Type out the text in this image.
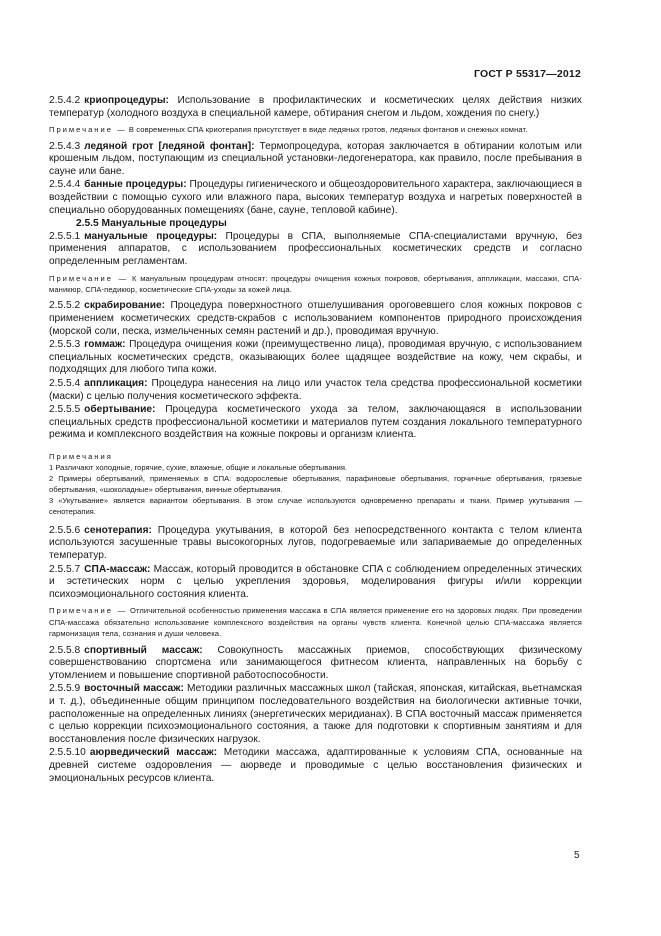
ГОСТ Р 55317—2012

2.5.4.2 криопроцедуры: Использование в профилактических и косметических целях действия низких температур (холодного воздуха в специальной камере, обтирания снегом и льдом, хождения по снегу.)

Примечание — В современных СПА криотерапия присутствует в виде ледяных гротов, ледяных фонтанов и снежных комнат.

2.5.4.3 ледяной грот [ледяной фонтан]: Термопроцедура, которая заключается в обтирании колотым или крошеным льдом, поступающим из специальной установки-ледогенератора, как правило, после пребывания в сауне или бане.

2.5.4.4 банные процедуры: Процедуры гигиенического и общеоздоровительного характера, заключающиеся в воздействии с помощью сухого или влажного пара, высоких температур воздуха и нагретых поверхностей в специально оборудованных помещениях (бане, сауне, тепловой кабине).

2.5.5 Мануальные процедуры

2.5.5.1 мануальные процедуры: Процедуры в СПА, выполняемые СПА-специалистами вручную, без применения аппаратов, с использованием профессиональных косметических средств и согласно определенным регламентам.

Примечание — К мануальным процедурам относят: процедуры очищения кожных покровов, обертывания, аппликации, массажи, СПА-маникюр, СПА-педикюр, косметические СПА-уходы за кожей лица.

2.5.5.2 скрабирование: Процедура поверхностного отшелушивания ороговевшего слоя кожных покровов с применением косметических средств-скрабов с использованием компонентов природного происхождения (морской соли, песка, измельченных семян растений и др.), проводимая вручную.

2.5.5.3 гоммаж: Процедура очищения кожи (преимущественно лица), проводимая вручную, с использованием специальных косметических средств, оказывающих более щадящее воздействие на кожу, чем скрабы, и подходящих для любого типа кожи.

2.5.5.4 аппликация: Процедура нанесения на лицо или участок тела средства профессиональной косметики (маски) с целью получения косметического эффекта.

2.5.5.5 обертывание: Процедура косметического ухода за телом, заключающаяся в использовании специальных средств профессиональной косметики и материалов путем создания локального температурного режима и комплексного воздействия на кожные покровы и организм клиента.

Примечания

1 Различают холодные, горячие, сухие, влажные, общие и локальные обертывания.

2 Примеры обертываний, применяемых в СПА: водорослевые обертывания, парафиновые обертывания, горчичные обертывания, грязевые обертывания, «шоколадные» обертывания, винные обертывания.

3 «Укутывание» является вариантом обертывания. В этом случае используются одновременно препараты и ткани. Пример укутывания — сенотерапия.

2.5.5.6 сенотерапия: Процедура укутывания, в которой без непосредственного контакта с телом клиента используются засушенные травы высокогорных лугов, подогреваемые или запариваемые до определенных температур.

2.5.5.7 СПА-массаж: Массаж, который проводится в обстановке СПА с соблюдением определенных этических и эстетических норм с целью укрепления здоровья, моделирования фигуры и/или коррекции психоэмоционального состояния клиента.

Примечание — Отличительной особенностью применения массажа в СПА является применение его на здоровых людях. При проведении СПА-массажа обязательно использование комплексного воздействия на органы чувств клиента. Конечной целью СПА-массажа является гармонизация тела, сознания и души человека.

2.5.5.8 спортивный массаж: Совокупность массажных приемов, способствующих физическому совершенствованию спортсмена или занимающегося фитнесом клиента, направленных на борьбу с утомлением и повышение спортивной работоспособности.

2.5.5.9 восточный массаж: Методики различных массажных школ (тайская, японская, китайская, вьетнамская и т. д.), объединенные общим принципом последовательного воздействия на биологически активные точки, расположенные на определенных линиях (энергетических меридианах). В СПА восточный массаж применяется с целью коррекции психоэмоционального состояния, а также для подготовки к спортивным занятиям и для восстановления после физических нагрузок.

2.5.5.10 аюрведический массаж: Методики массажа, адаптированные к условиям СПА, основанные на древней системе оздоровления — аюрведе и проводимые с целью восстановления физических и эмоциональных ресурсов клиента.

5
